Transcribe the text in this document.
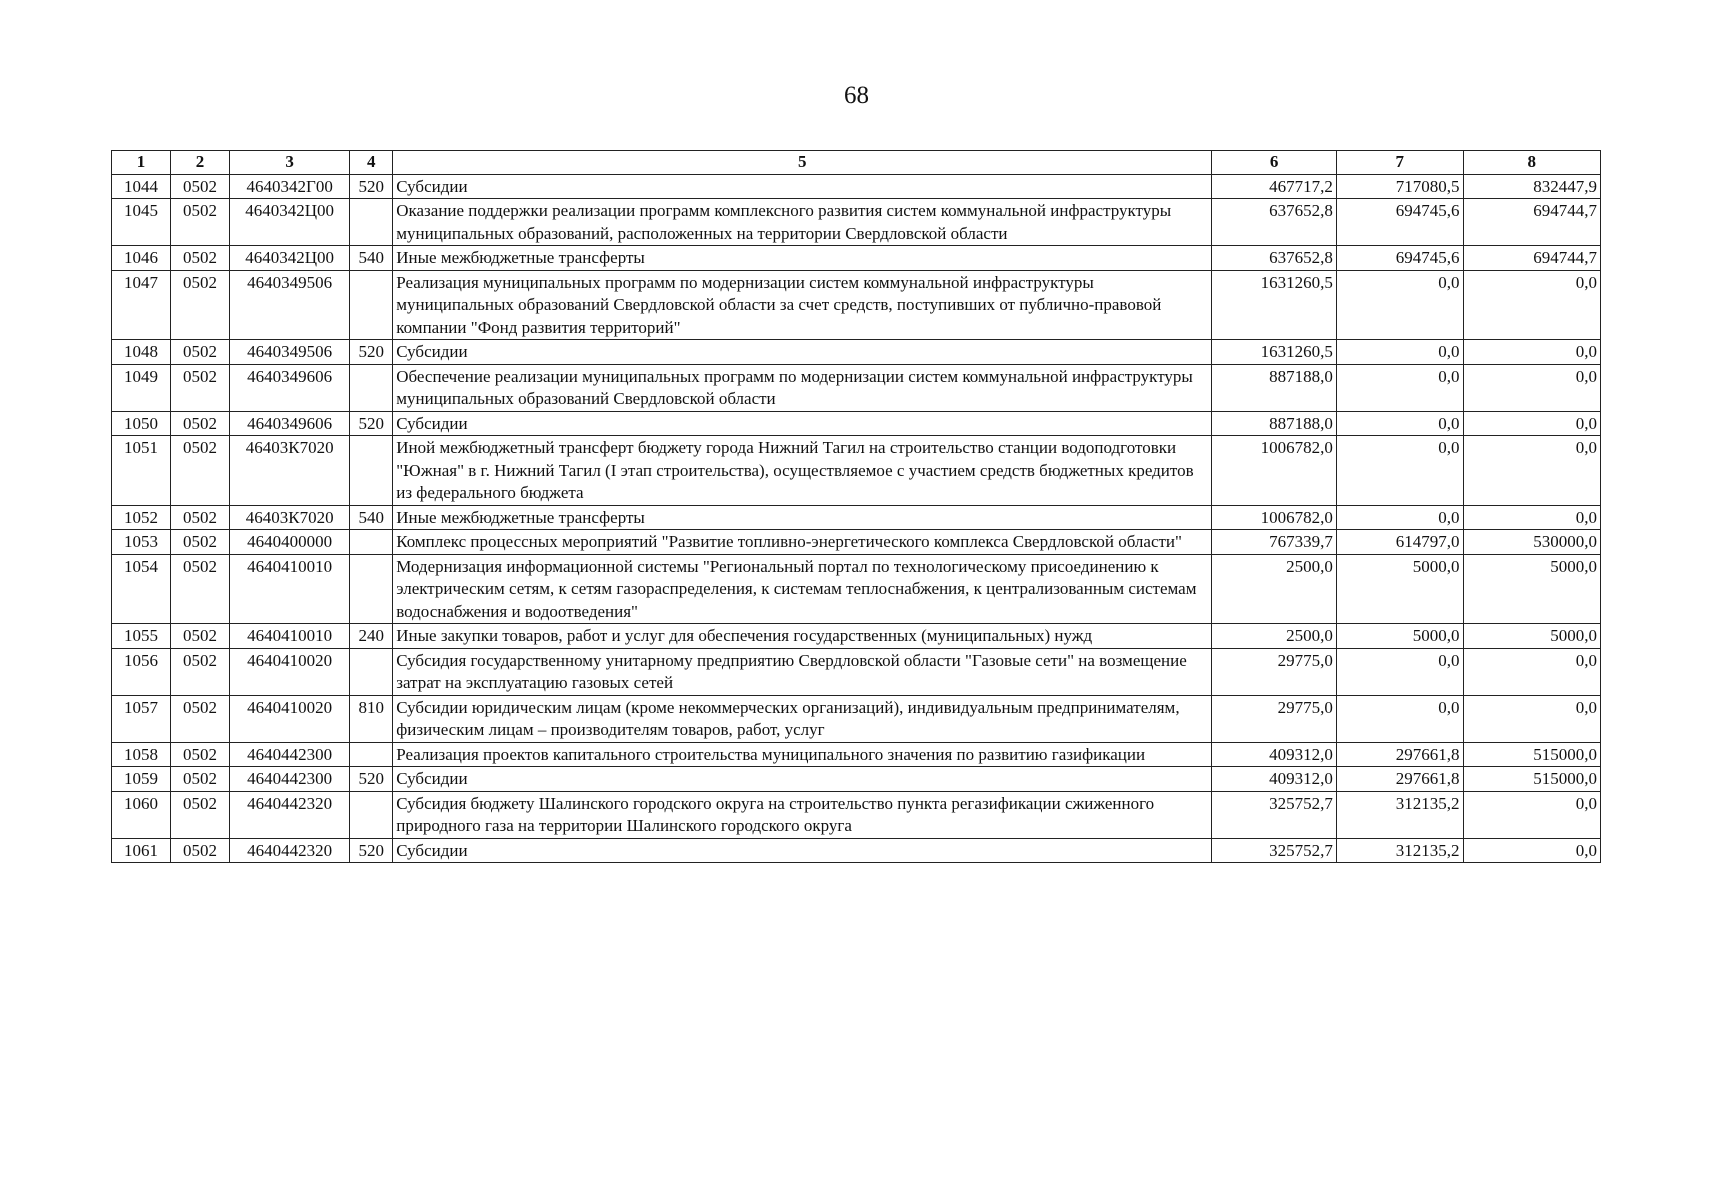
68
1	2	3	4	5	6	7	8
1044	0502	4640342Г00	520	Субсидии	467717,2	717080,5	832447,9
1045	0502	4640342Ц00		Оказание поддержки реализации программ комплексного развития систем коммунальной инфраструктуры муниципальных образований, расположенных на территории Свердловской области	637652,8	694745,6	694744,7
1046	0502	4640342Ц00	540	Иные межбюджетные трансферты	637652,8	694745,6	694744,7
1047	0502	4640349506		Реализация муниципальных программ по модернизации систем коммунальной инфраструктуры муниципальных образований Свердловской области за счет средств, поступивших от публично-правовой компании "Фонд развития территорий"	1631260,5	0,0	0,0
1048	0502	4640349506	520	Субсидии	1631260,5	0,0	0,0
1049	0502	4640349606		Обеспечение реализации муниципальных программ по модернизации систем коммунальной инфраструктуры муниципальных образований Свердловской области	887188,0	0,0	0,0
1050	0502	4640349606	520	Субсидии	887188,0	0,0	0,0
1051	0502	46403К7020		Иной межбюджетный трансферт бюджету города Нижний Тагил на строительство станции водоподготовки "Южная" в г. Нижний Тагил (I этап строительства), осуществляемое с участием средств бюджетных кредитов из федерального бюджета	1006782,0	0,0	0,0
1052	0502	46403К7020	540	Иные межбюджетные трансферты	1006782,0	0,0	0,0
1053	0502	4640400000		Комплекс процессных мероприятий "Развитие топливно-энергетического комплекса Свердловской области"	767339,7	614797,0	530000,0
1054	0502	4640410010		Модернизация информационной системы "Региональный портал по технологическому присоединению к электрическим сетям, к сетям газораспределения, к системам теплоснабжения, к централизованным системам водоснабжения и водоотведения"	2500,0	5000,0	5000,0
1055	0502	4640410010	240	Иные закупки товаров, работ и услуг для обеспечения государственных (муниципальных) нужд	2500,0	5000,0	5000,0
1056	0502	4640410020		Субсидия государственному унитарному предприятию Свердловской области "Газовые сети" на возмещение затрат на эксплуатацию газовых сетей	29775,0	0,0	0,0
1057	0502	4640410020	810	Субсидии юридическим лицам (кроме некоммерческих организаций), индивидуальным предпринимателям, физическим лицам – производителям товаров, работ, услуг	29775,0	0,0	0,0
1058	0502	4640442300		Реализация проектов капитального строительства муниципального значения по развитию газификации	409312,0	297661,8	515000,0
1059	0502	4640442300	520	Субсидии	409312,0	297661,8	515000,0
1060	0502	4640442320		Субсидия бюджету Шалинского городского округа на строительство пункта регазификации сжиженного природного газа на территории Шалинского городского округа	325752,7	312135,2	0,0
1061	0502	4640442320	520	Субсидии	325752,7	312135,2	0,0
